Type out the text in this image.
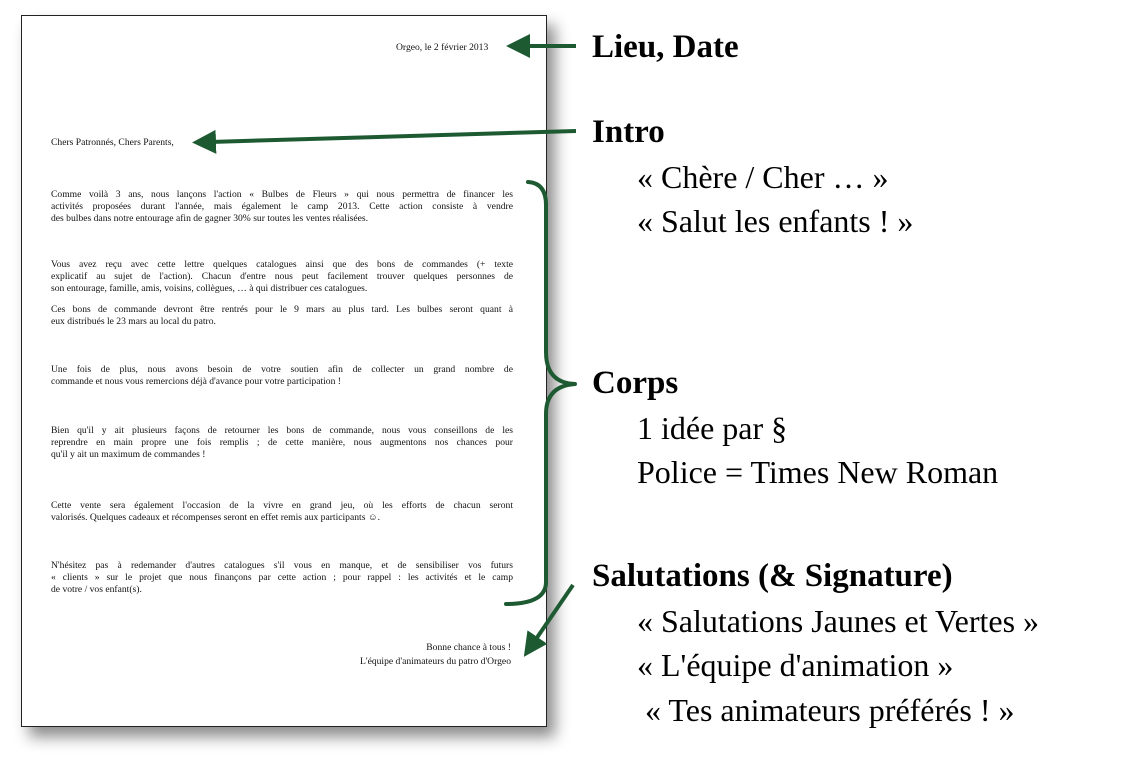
Orgeo, le 2 février 2013
Chers Patronnés, Chers Parents,
Comme voilà 3 ans, nous lançons l'action « Bulbes de Fleurs » qui nous permettra de financer les
activités proposées durant l'année, mais également le camp 2013. Cette action consiste à vendre
des bulbes dans notre entourage afin de gagner 30% sur toutes les ventes réalisées.
Vous avez reçu avec cette lettre quelques catalogues ainsi que des bons de commandes (+ texte
explicatif au sujet de l'action). Chacun d'entre nous peut facilement trouver quelques personnes de
son entourage, famille, amis, voisins, collègues, … à qui distribuer ces catalogues.
Ces bons de commande devront être rentrés pour le 9 mars au plus tard. Les bulbes seront quant à
eux distribués le 23 mars au local du patro.
Une fois de plus, nous avons besoin de votre soutien afin de collecter un grand nombre de
commande et nous vous remercions déjà d'avance pour votre participation !
Bien qu'il y ait plusieurs façons de retourner les bons de commande, nous vous conseillons de les
reprendre en main propre une fois remplis ; de cette manière, nous augmentons nos chances pour
qu'il y ait un maximum de commandes !
Cette vente sera également l'occasion de la vivre en grand jeu, où les efforts de chacun seront
valorisés. Quelques cadeaux et récompenses seront en effet remis aux participants ☺.
N'hésitez pas à redemander d'autres catalogues s'il vous en manque, et de sensibiliser vos futurs
« clients » sur le projet que nous finançons par cette action ; pour rappel : les activités et le camp
de votre / vos enfant(s).
Bonne chance à tous !
L'équipe d'animateurs du patro d'Orgeo
Lieu, Date
Intro
« Chère / Cher … »
« Salut les enfants ! »
Corps
1 idée par §
Police = Times New Roman
Salutations (& Signature)
« Salutations Jaunes et Vertes »
« L'équipe d'animation »
« Tes animateurs préférés ! »
